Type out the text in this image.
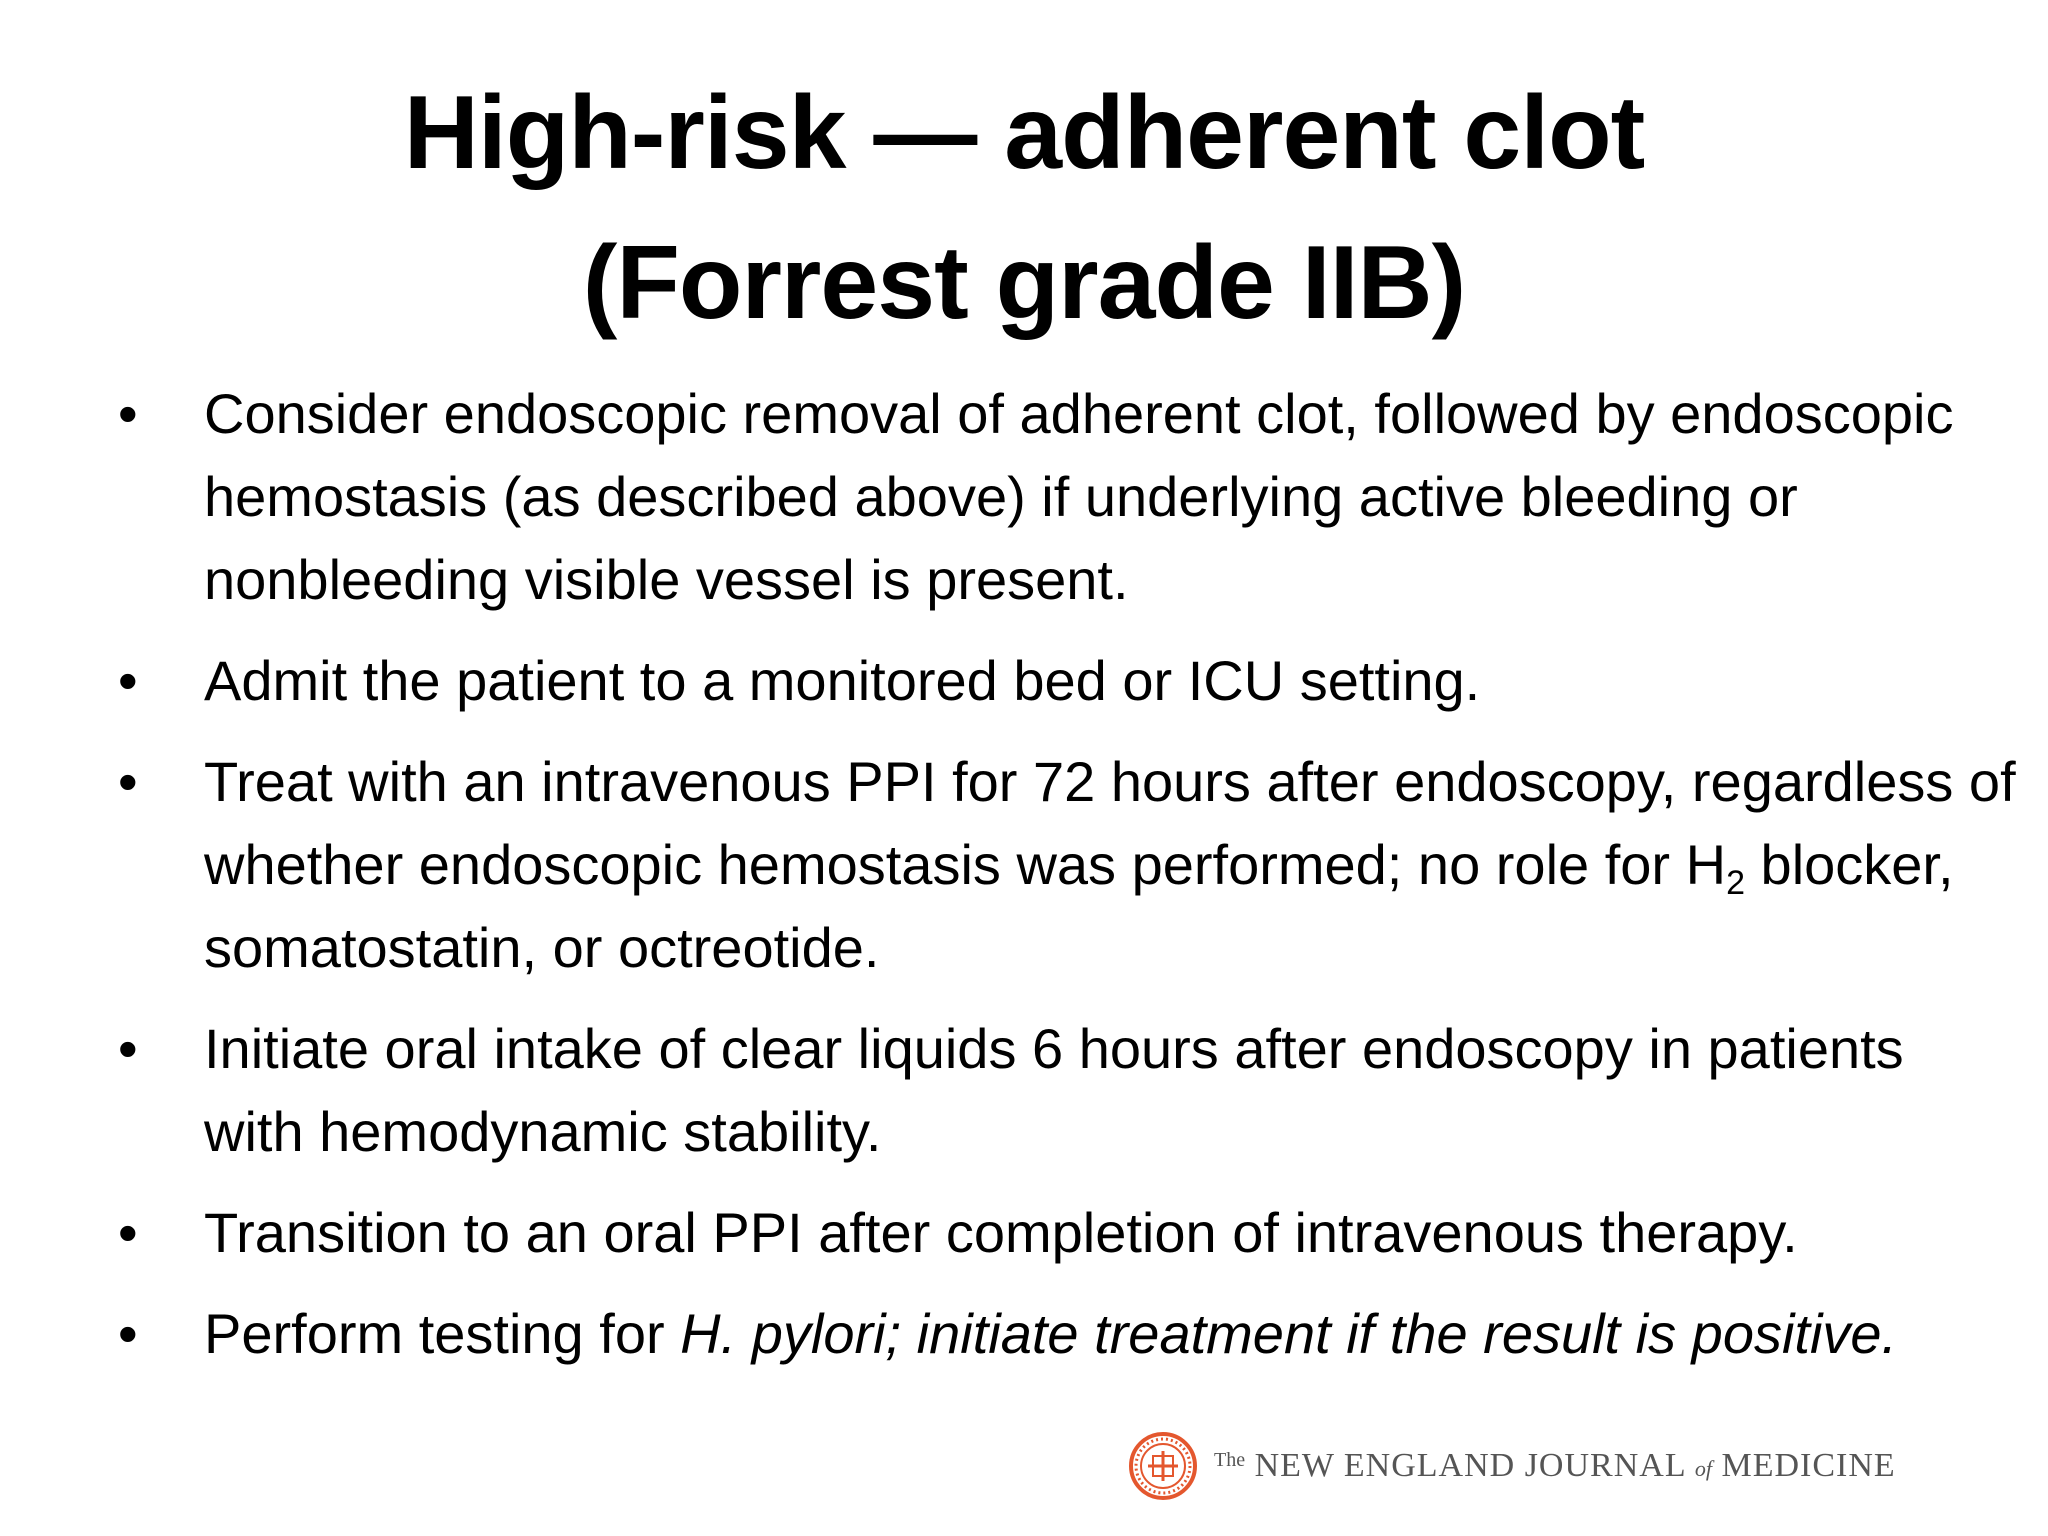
High-risk — adherent clot
(Forrest grade IIB)
•	Consider endoscopic removal of adherent clot, followed by endoscopic hemostasis (as described above) if underlying active bleeding or nonbleeding visible vessel is present.
•	Admit the patient to a monitored bed or ICU setting.
•	Treat with an intravenous PPI for 72 hours after endoscopy, regardless of whether endoscopic hemostasis was performed; no role for $H_2$ blocker, somatostatin, or octreotide.
•	Initiate oral intake of clear liquids 6 hours after endoscopy in patients with hemodynamic stability.
•	Transition to an oral PPI after completion of intravenous therapy.
•	Perform testing for H. pylori; initiate treatment if the result is positive.
$^{The}$ NEW ENGLAND JOURNAL of MEDICINE
